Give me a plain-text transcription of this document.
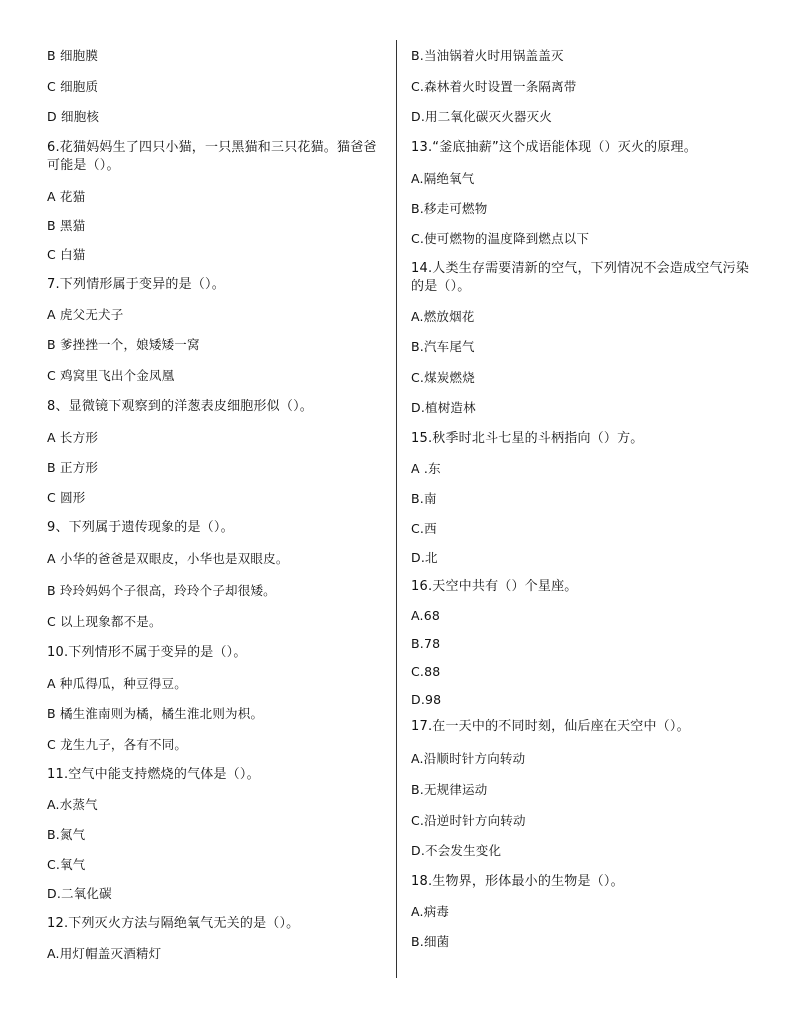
B 细胞膜
C 细胞质
D 细胞核
6.花猫妈妈生了四只小猫，一只黑猫和三只花猫。猫爸爸可能是（）。
A 花猫
B 黑猫
C 白猫
7.下列情形属于变异的是（）。
A 虎父无犬子
B 爹挫挫一个，娘矮矮一窝
C 鸡窝里飞出个金凤凰
8、显微镜下观察到的洋葱表皮细胞形似（）。
A 长方形
B 正方形
C 圆形
9、下列属于遗传现象的是（）。
A 小华的爸爸是双眼皮，小华也是双眼皮。
B 玲玲妈妈个子很高，玲玲个子却很矮。
C 以上现象都不是。
10.下列情形不属于变异的是（）。
A 种瓜得瓜，种豆得豆。
B 橘生淮南则为橘，橘生淮北则为枳。
C 龙生九子，各有不同。
11.空气中能支持燃烧的气体是（）。
A.水蒸气
B.氮气
C.氧气
D.二氧化碳
12.下列灭火方法与隔绝氧气无关的是（）。
A.用灯帽盖灭酒精灯
B.当油锅着火时用锅盖盖灭
C.森林着火时设置一条隔离带
D.用二氧化碳灭火器灭火
13.“釜底抽薪”这个成语能体现（）灭火的原理。
A.隔绝氧气
B.移走可燃物
C.使可燃物的温度降到燃点以下
14.人类生存需要清新的空气，下列情况不会造成空气污染的是（）。
A.燃放烟花
B.汽车尾气
C.煤炭燃烧
D.植树造林
15.秋季时北斗七星的斗柄指向（）方。
A .东
B.南
C.西
D.北
16.天空中共有（）个星座。
A.68
B.78
C.88
D.98
17.在一天中的不同时刻，仙后座在天空中（）。
A.沿顺时针方向转动
B.无规律运动
C.沿逆时针方向转动
D.不会发生变化
18.生物界，形体最小的生物是（）。
A.病毒
B.细菌
